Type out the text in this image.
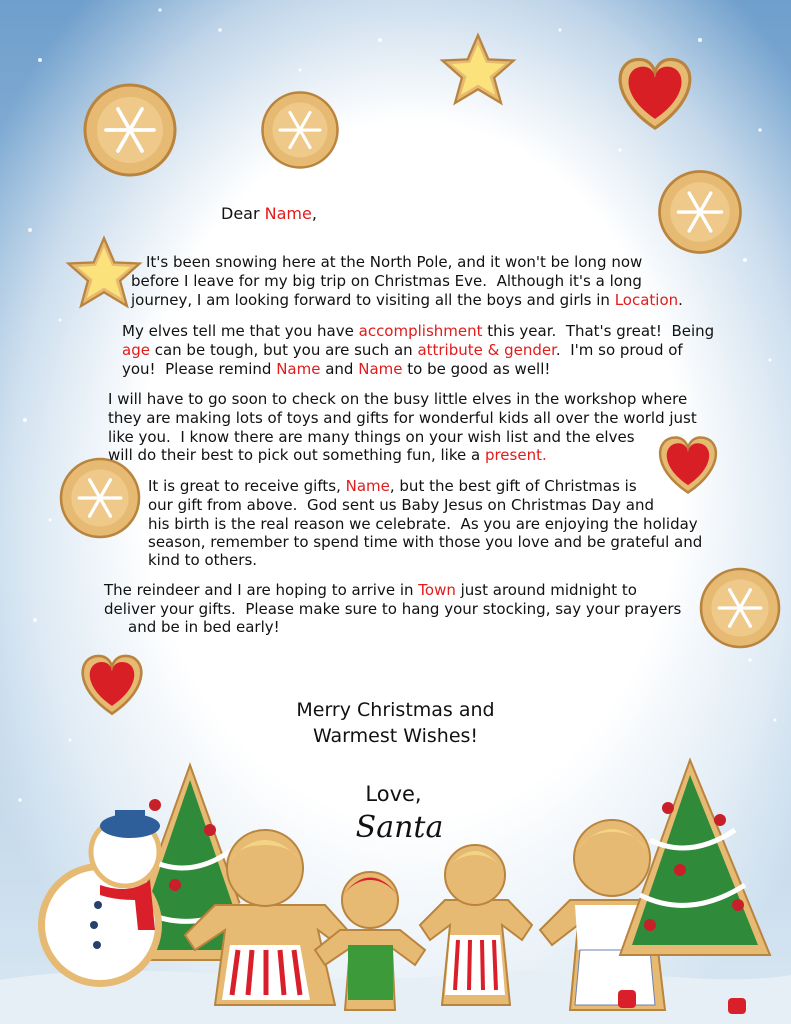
Dear Name,
It's been snowing here at the North Pole, and it won't be long now
before I leave for my big trip on Christmas Eve.  Although it's a long
journey, I am looking forward to visiting all the boys and girls in Location.
My elves tell me that you have accomplishment this year.  That's great!  Being
age can be tough, but you are such an attribute & gender.  I'm so proud of
you!  Please remind Name and Name to be good as well!
I will have to go soon to check on the busy little elves in the workshop where
they are making lots of toys and gifts for wonderful kids all over the world just
like you.  I know there are many things on your wish list and the elves
will do their best to pick out something fun, like a present.
It is great to receive gifts, Name, but the best gift of Christmas is
our gift from above.  God sent us Baby Jesus on Christmas Day and
his birth is the real reason we celebrate.  As you are enjoying the holiday
season, remember to spend time with those you love and be grateful and
kind to others.
The reindeer and I are hoping to arrive in Town just around midnight to
deliver your gifts.  Please make sure to hang your stocking, say your prayers
and be in bed early!
Merry Christmas and
Warmest Wishes!
Love,
Santa
